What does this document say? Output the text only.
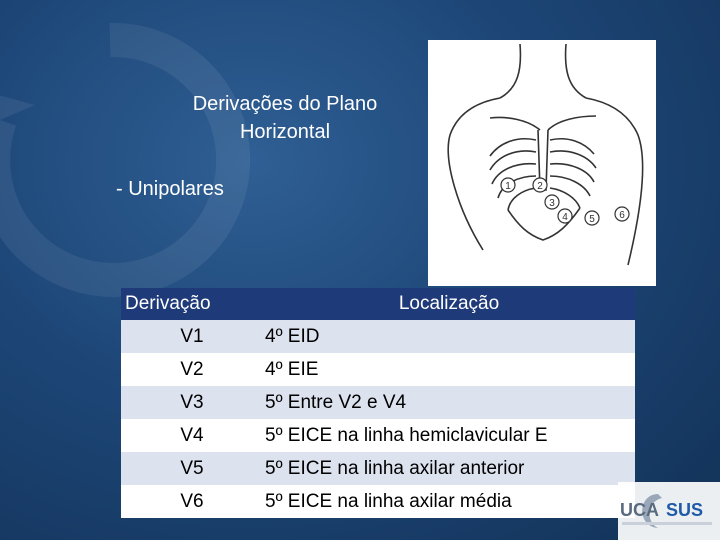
Derivações do Plano
Horizontal
- Unipolares	1	2
3
4 5 6
Derivação	Localização
V1	4º EID
V2	4º EIE
V3	5º Entre V2 e V4
V4	5º EICE na linha hemiclavicular E
V5	5º EICE na linha axilar anterior
V6	5º EICE na linha axilar média	UCA SUS
